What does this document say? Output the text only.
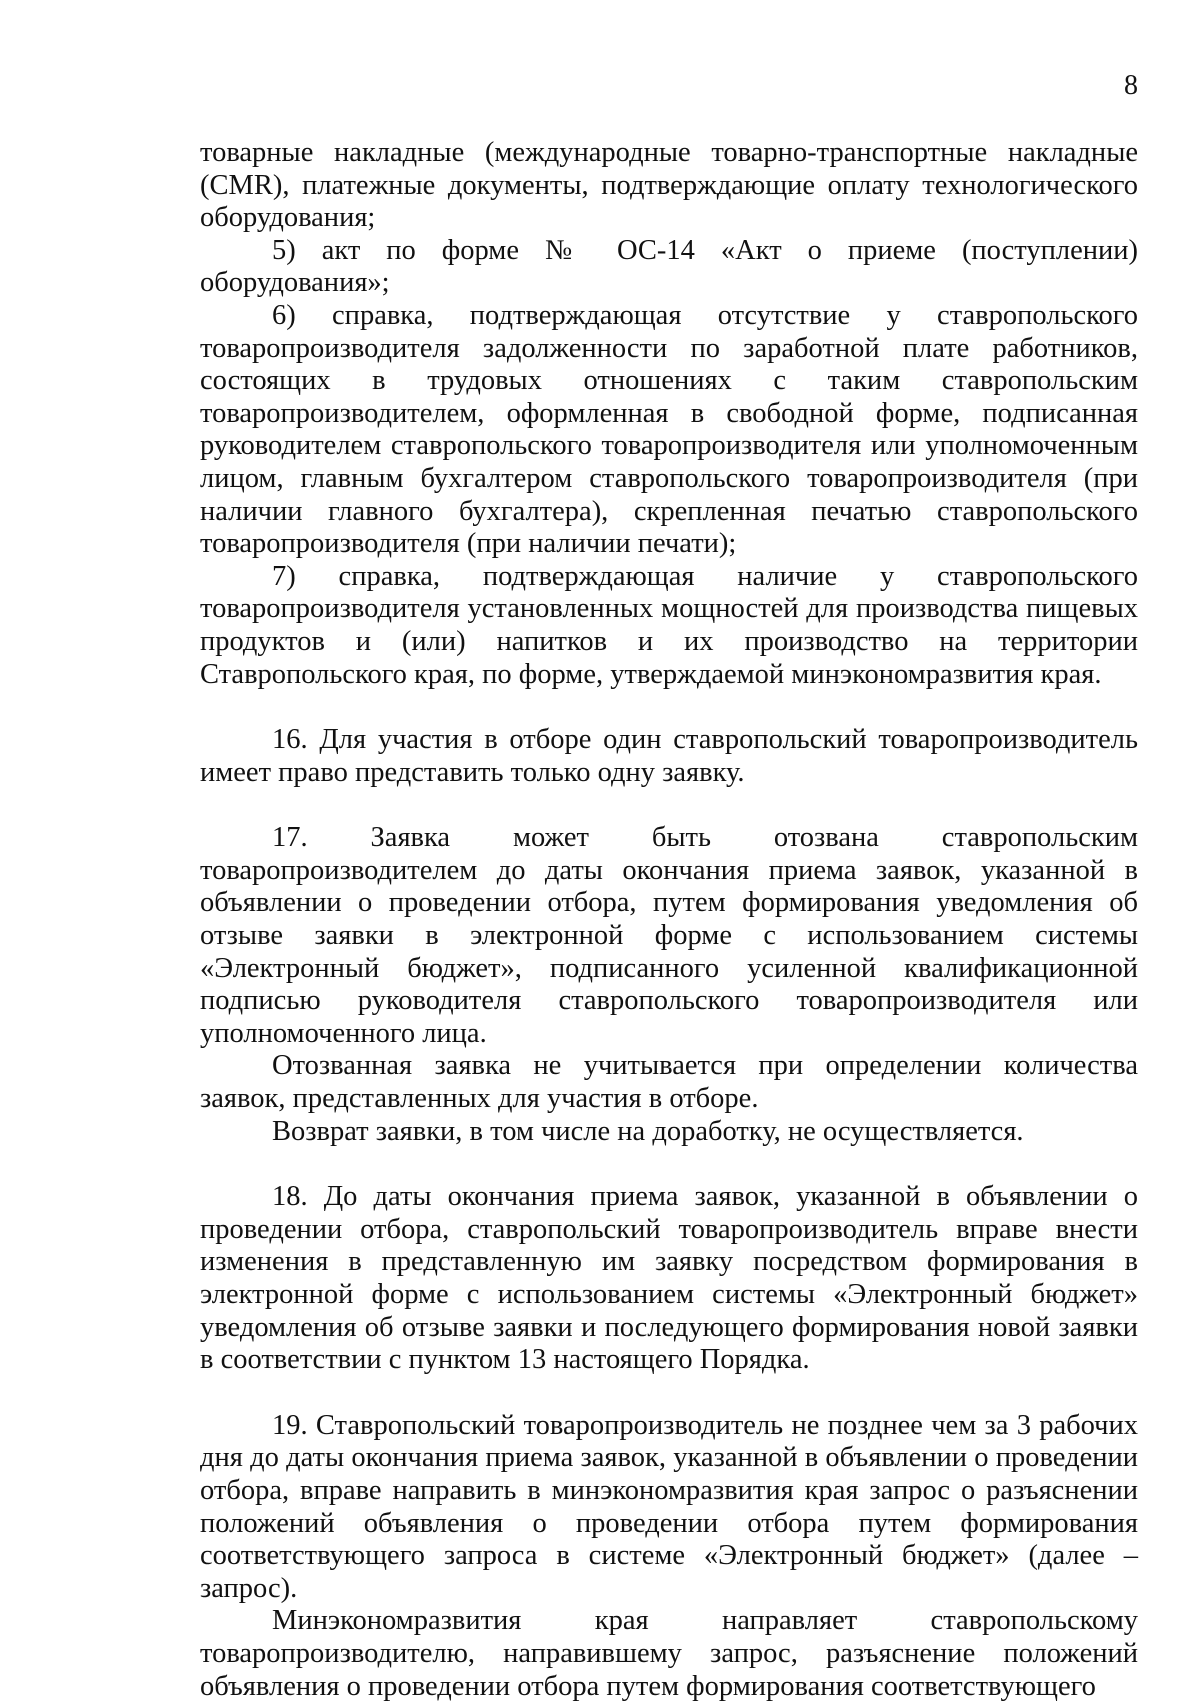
8

товарные накладные (международные товарно-транспортные накладные (CMR), платежные документы, подтверждающие оплату технологического оборудования;

5) акт по форме № ОС-14 «Акт о приеме (поступлении) оборудования»;

6) справка, подтверждающая отсутствие у ставропольского товаропроизводителя задолженности по заработной плате работников, состоящих в трудовых отношениях с таким ставропольским товаропроизводителем, оформленная в свободной форме, подписанная руководителем ставропольского товаропроизводителя или уполномоченным лицом, главным бухгалтером ставропольского товаропроизводителя (при наличии главного бухгалтера), скрепленная печатью ставропольского товаропроизводителя (при наличии печати);

7) справка, подтверждающая наличие у ставропольского товаропроизводителя установленных мощностей для производства пищевых продуктов и (или) напитков и их производство на территории Ставропольского края, по форме, утверждаемой минэкономразвития края.

16. Для участия в отборе один ставропольский товаропроизводитель имеет право представить только одну заявку.

17. Заявка может быть отозвана ставропольским товаропроизводителем до даты окончания приема заявок, указанной в объявлении о проведении отбора, путем формирования уведомления об отзыве заявки в электронной форме с использованием системы «Электронный бюджет», подписанного усиленной квалификационной подписью руководителя ставропольского товаропроизводителя или уполномоченного лица.

Отозванная заявка не учитывается при определении количества заявок, представленных для участия в отборе.

Возврат заявки, в том числе на доработку, не осуществляется.

18. До даты окончания приема заявок, указанной в объявлении о проведении отбора, ставропольский товаропроизводитель вправе внести изменения в представленную им заявку посредством формирования в электронной форме с использованием системы «Электронный бюджет» уведомления об отзыве заявки и последующего формирования новой заявки в соответствии с пунктом 13 настоящего Порядка.

19. Ставропольский товаропроизводитель не позднее чем за 3 рабочих дня до даты окончания приема заявок, указанной в объявлении о проведении отбора, вправе направить в минэкономразвития края запрос о разъяснении положений объявления о проведении отбора путем формирования соответствующего запроса в системе «Электронный бюджет» (далее – запрос).

Минэкономразвития края направляет ставропольскому товаропроизводителю, направившему запрос, разъяснение положений объявления о проведении отбора путем формирования соответствующего
